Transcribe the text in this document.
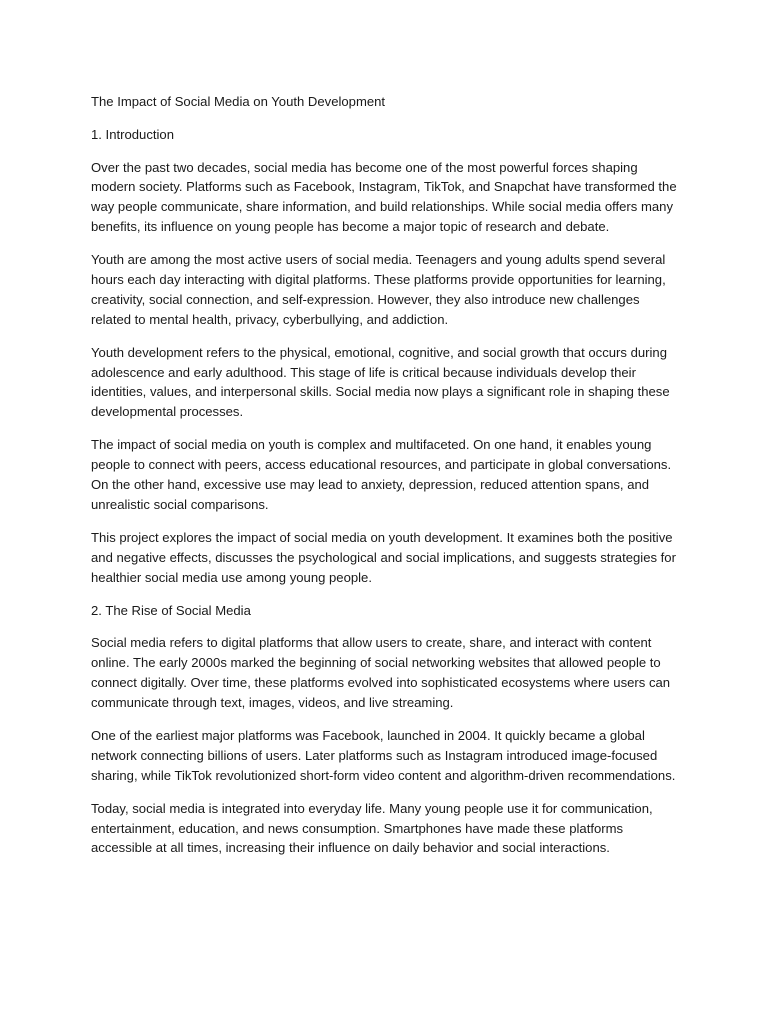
The Impact of Social Media on Youth Development

1. Introduction

Over the past two decades, social media has become one of the most powerful forces shaping modern society. Platforms such as Facebook, Instagram, TikTok, and Snapchat have transformed the way people communicate, share information, and build relationships. While social media offers many benefits, its influence on young people has become a major topic of research and debate.

Youth are among the most active users of social media. Teenagers and young adults spend several hours each day interacting with digital platforms. These platforms provide opportunities for learning, creativity, social connection, and self-expression. However, they also introduce new challenges related to mental health, privacy, cyberbullying, and addiction.

Youth development refers to the physical, emotional, cognitive, and social growth that occurs during adolescence and early adulthood. This stage of life is critical because individuals develop their identities, values, and interpersonal skills. Social media now plays a significant role in shaping these developmental processes.

The impact of social media on youth is complex and multifaceted. On one hand, it enables young people to connect with peers, access educational resources, and participate in global conversations. On the other hand, excessive use may lead to anxiety, depression, reduced attention spans, and unrealistic social comparisons.

This project explores the impact of social media on youth development. It examines both the positive and negative effects, discusses the psychological and social implications, and suggests strategies for healthier social media use among young people.

2. The Rise of Social Media

Social media refers to digital platforms that allow users to create, share, and interact with content online. The early 2000s marked the beginning of social networking websites that allowed people to connect digitally. Over time, these platforms evolved into sophisticated ecosystems where users can communicate through text, images, videos, and live streaming.

One of the earliest major platforms was Facebook, launched in 2004. It quickly became a global network connecting billions of users. Later platforms such as Instagram introduced image-focused sharing, while TikTok revolutionized short-form video content and algorithm-driven recommendations.

Today, social media is integrated into everyday life. Many young people use it for communication, entertainment, education, and news consumption. Smartphones have made these platforms accessible at all times, increasing their influence on daily behavior and social interactions.
